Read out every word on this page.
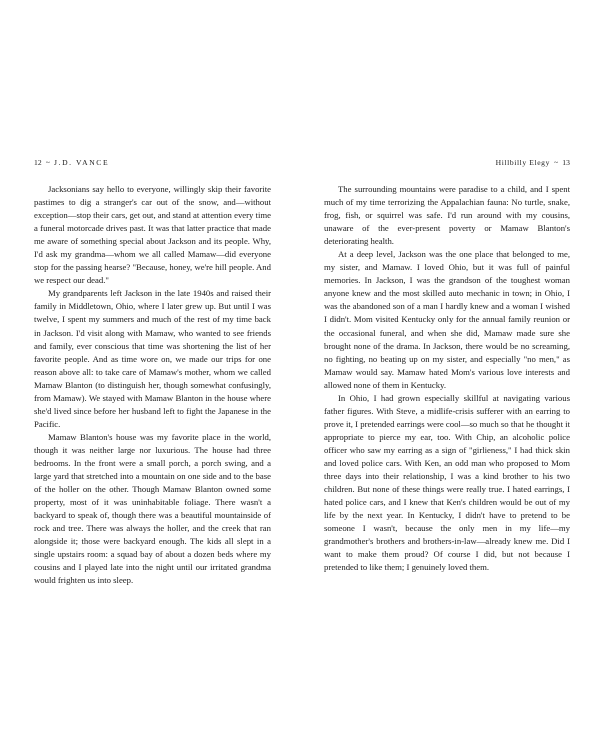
12 ~ J.D. VANCE

Jacksonians say hello to everyone, willingly skip their favorite pastimes to dig a stranger's car out of the snow, and—without exception—stop their cars, get out, and stand at attention every time a funeral motorcade drives past. It was that latter practice that made me aware of something special about Jackson and its people. Why, I'd ask my grandma—whom we all called Mamaw—did everyone stop for the passing hearse? "Because, honey, we're hill people. And we respect our dead."

My grandparents left Jackson in the late 1940s and raised their family in Middletown, Ohio, where I later grew up. But until I was twelve, I spent my summers and much of the rest of my time back in Jackson. I'd visit along with Mamaw, who wanted to see friends and family, ever conscious that time was shortening the list of her favorite people. And as time wore on, we made our trips for one reason above all: to take care of Mamaw's mother, whom we called Mamaw Blanton (to distinguish her, though somewhat confusingly, from Mamaw). We stayed with Mamaw Blanton in the house where she'd lived since before her husband left to fight the Japanese in the Pacific.

Mamaw Blanton's house was my favorite place in the world, though it was neither large nor luxurious. The house had three bedrooms. In the front were a small porch, a porch swing, and a large yard that stretched into a mountain on one side and to the base of the holler on the other. Though Mamaw Blanton owned some property, most of it was uninhabitable foliage. There wasn't a backyard to speak of, though there was a beautiful mountainside of rock and tree. There was always the holler, and the creek that ran alongside it; those were backyard enough. The kids all slept in a single upstairs room: a squad bay of about a dozen beds where my cousins and I played late into the night until our irritated grandma would frighten us into sleep.

Hillbilly Elegy ~ 13

The surrounding mountains were paradise to a child, and I spent much of my time terrorizing the Appalachian fauna: No turtle, snake, frog, fish, or squirrel was safe. I'd run around with my cousins, unaware of the ever-present poverty or Mamaw Blanton's deteriorating health.

At a deep level, Jackson was the one place that belonged to me, my sister, and Mamaw. I loved Ohio, but it was full of painful memories. In Jackson, I was the grandson of the toughest woman anyone knew and the most skilled auto mechanic in town; in Ohio, I was the abandoned son of a man I hardly knew and a woman I wished I didn't. Mom visited Kentucky only for the annual family reunion or the occasional funeral, and when she did, Mamaw made sure she brought none of the drama. In Jackson, there would be no screaming, no fighting, no beating up on my sister, and especially "no men," as Mamaw would say. Mamaw hated Mom's various love interests and allowed none of them in Kentucky.

In Ohio, I had grown especially skillful at navigating various father figures. With Steve, a midlife-crisis sufferer with an earring to prove it, I pretended earrings were cool—so much so that he thought it appropriate to pierce my ear, too. With Chip, an alcoholic police officer who saw my earring as a sign of "girlieness," I had thick skin and loved police cars. With Ken, an odd man who proposed to Mom three days into their relationship, I was a kind brother to his two children. But none of these things were really true. I hated earrings, I hated police cars, and I knew that Ken's children would be out of my life by the next year. In Kentucky, I didn't have to pretend to be someone I wasn't, because the only men in my life—my grandmother's brothers and brothers-in-law—already knew me. Did I want to make them proud? Of course I did, but not because I pretended to like them; I genuinely loved them.
